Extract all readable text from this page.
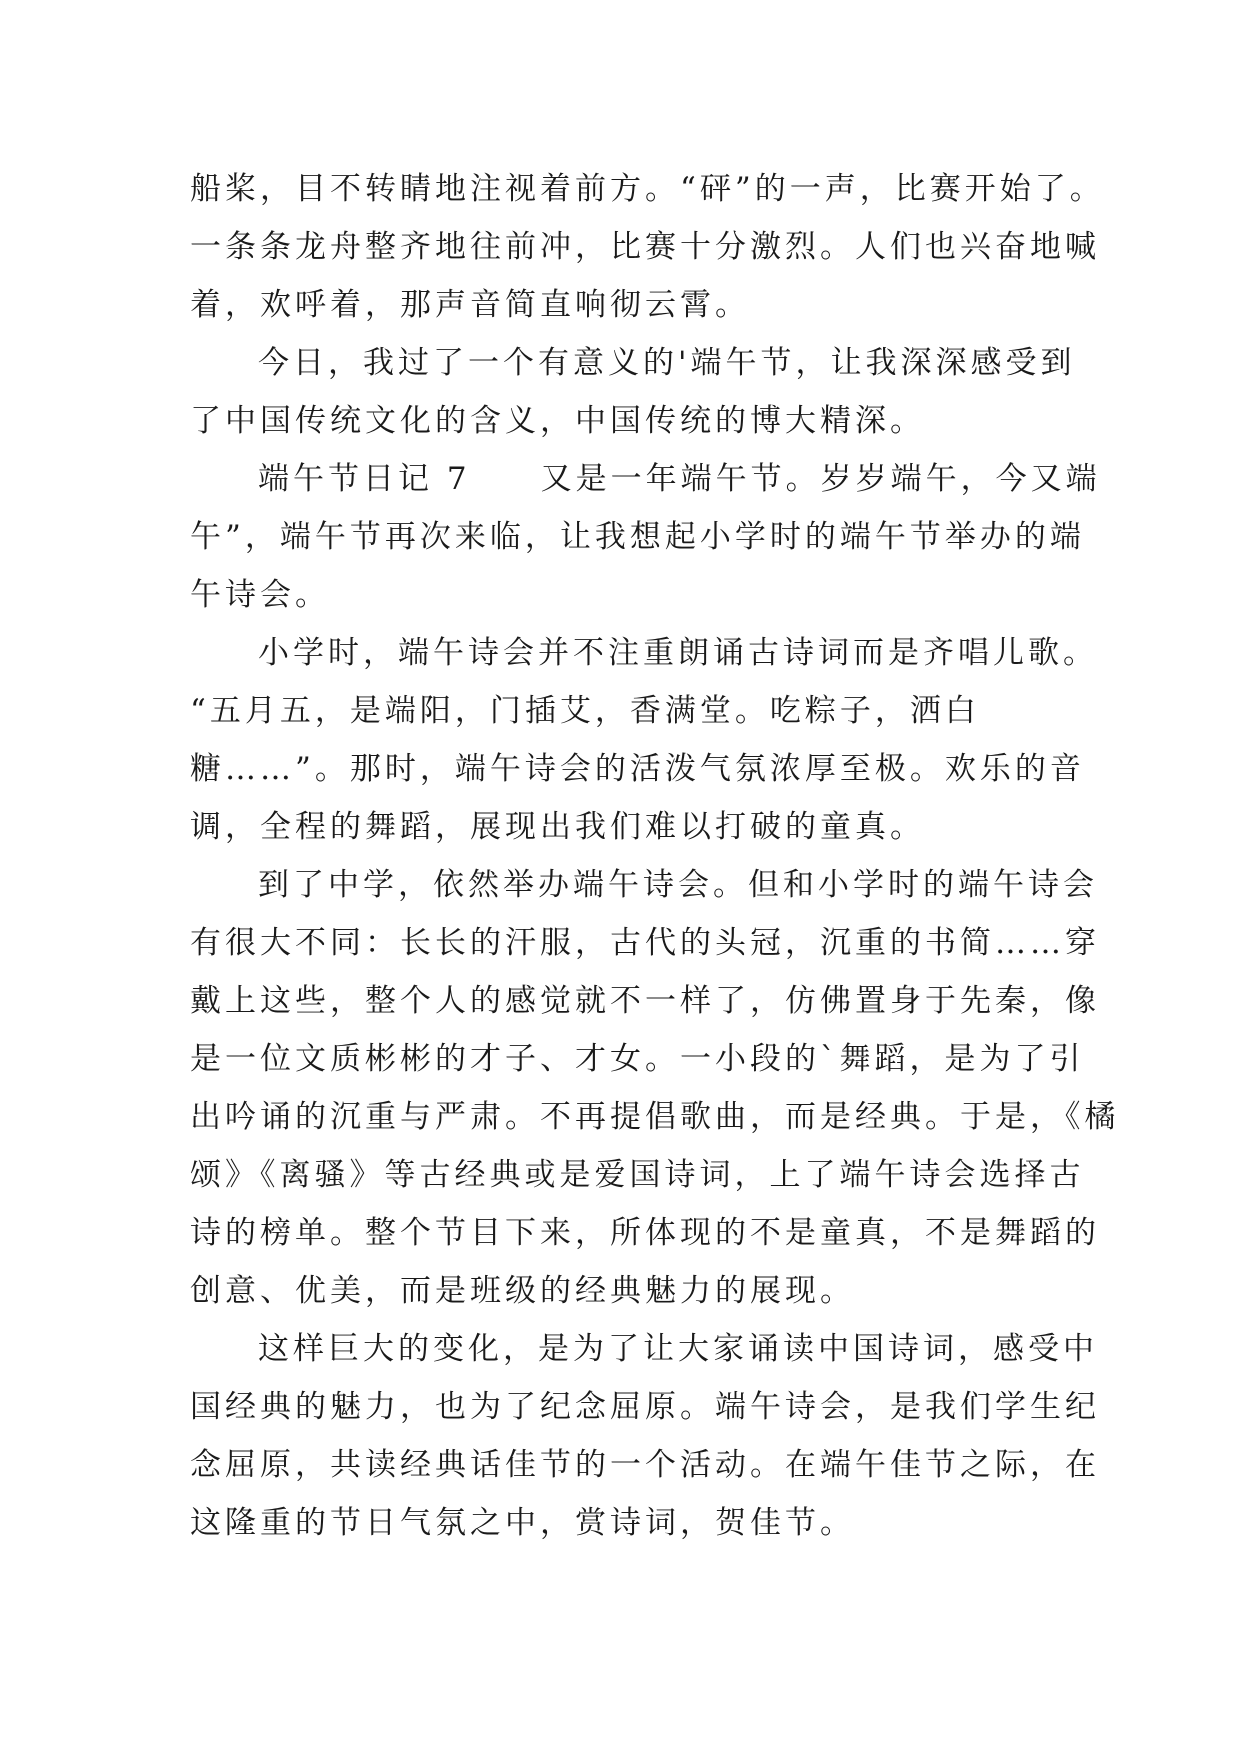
船桨，目不转睛地注视着前方。“砰”的一声，比赛开始了。
一条条龙舟整齐地往前冲，比赛十分激烈。人们也兴奋地喊
着，欢呼着，那声音简直响彻云霄。
今日，我过了一个有意义的'端午节，让我深深感受到
了中国传统文化的含义，中国传统的博大精深。
端午节日记 7 又是一年端午节。岁岁端午，今又端
午”，端午节再次来临，让我想起小学时的端午节举办的端
午诗会。
小学时，端午诗会并不注重朗诵古诗词而是齐唱儿歌。
“五月五，是端阳，门插艾，香满堂。吃粽子，洒白
糖……”。那时，端午诗会的活泼气氛浓厚至极。欢乐的音
调，全程的舞蹈，展现出我们难以打破的童真。
到了中学，依然举办端午诗会。但和小学时的端午诗会
有很大不同：长长的汗服，古代的头冠，沉重的书简……穿
戴上这些，整个人的感觉就不一样了，仿佛置身于先秦，像
是一位文质彬彬的才子、才女。一小段的`舞蹈，是为了引
出吟诵的沉重与严肃。不再提倡歌曲，而是经典。于是，《橘
颂》《离骚》等古经典或是爱国诗词，上了端午诗会选择古
诗的榜单。整个节目下来，所体现的不是童真，不是舞蹈的
创意、优美，而是班级的经典魅力的展现。
这样巨大的变化，是为了让大家诵读中国诗词，感受中
国经典的魅力，也为了纪念屈原。端午诗会，是我们学生纪
念屈原，共读经典话佳节的一个活动。在端午佳节之际，在
这隆重的节日气氛之中，赏诗词，贺佳节。
